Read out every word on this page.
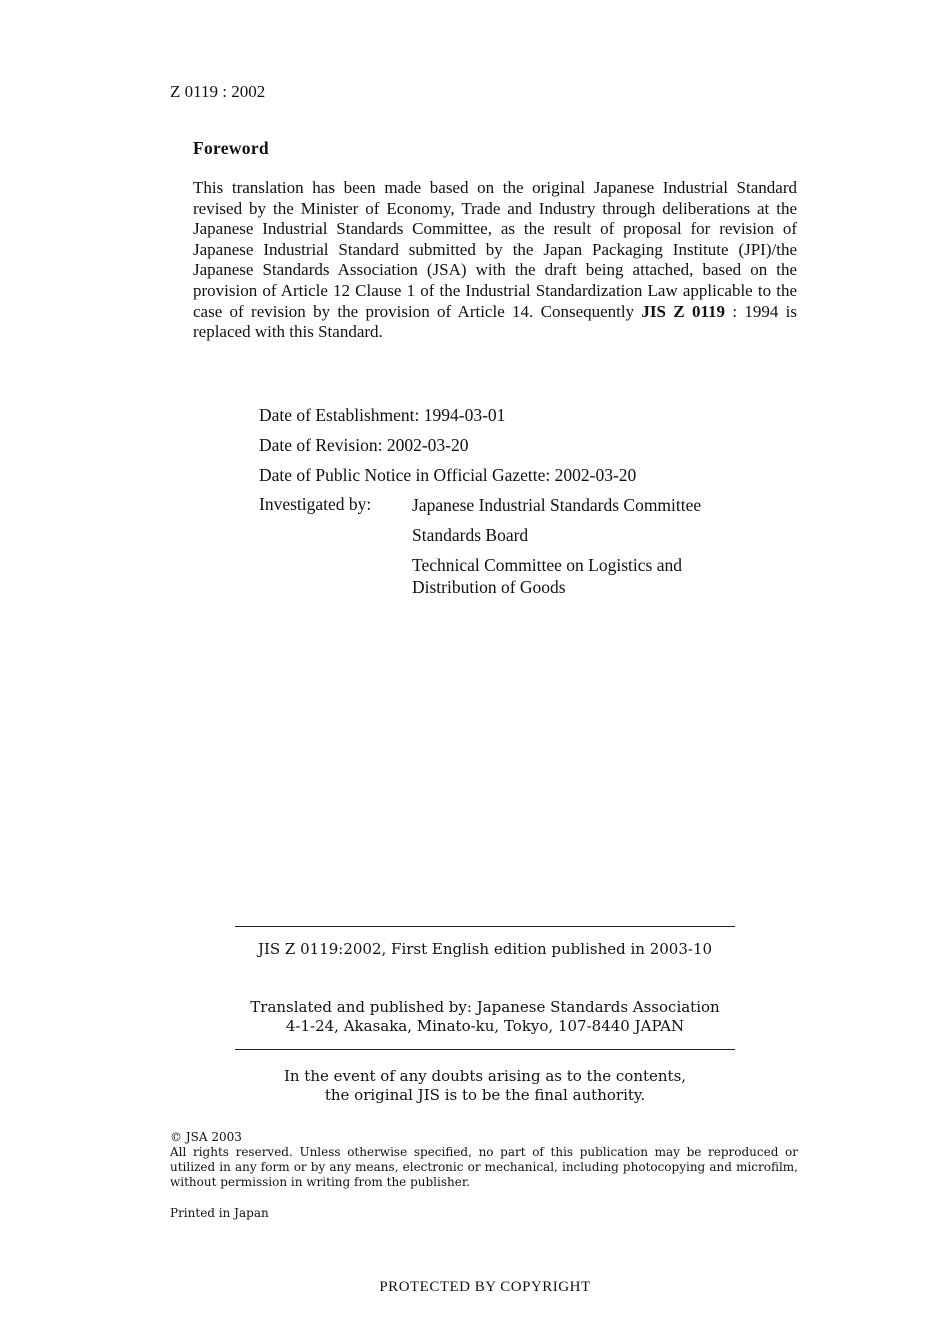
Z 0119 : 2002
Foreword
This translation has been made based on the original Japanese Industrial Standard revised by the Minister of Economy, Trade and Industry through deliberations at the Japanese Industrial Standards Committee, as the result of proposal for revision of Japanese Industrial Standard submitted by the Japan Packaging Institute (JPI)/the Japanese Standards Association (JSA) with the draft being attached, based on the provision of Article 12 Clause 1 of the Industrial Standardization Law applicable to the case of revision by the provision of Article 14. Consequently JIS Z 0119 : 1994 is replaced with this Standard.
Date of Establishment: 1994-03-01
Date of Revision: 2002-03-20
Date of Public Notice in Official Gazette: 2002-03-20
Investigated by:	Japanese Industrial Standards Committee
Standards Board
Technical Committee on Logistics and
Distribution of Goods
JIS Z 0119:2002, First English edition published in 2003-10
Translated and published by: Japanese Standards Association
4-1-24, Akasaka, Minato-ku, Tokyo, 107-8440 JAPAN
In the event of any doubts arising as to the contents,
the original JIS is to be the final authority.
© JSA 2003
All rights reserved. Unless otherwise specified, no part of this publication may be reproduced or utilized in any form or by any means, electronic or mechanical, including photocopying and microfilm, without permission in writing from the publisher.
Printed in Japan
PROTECTED BY COPYRIGHT
